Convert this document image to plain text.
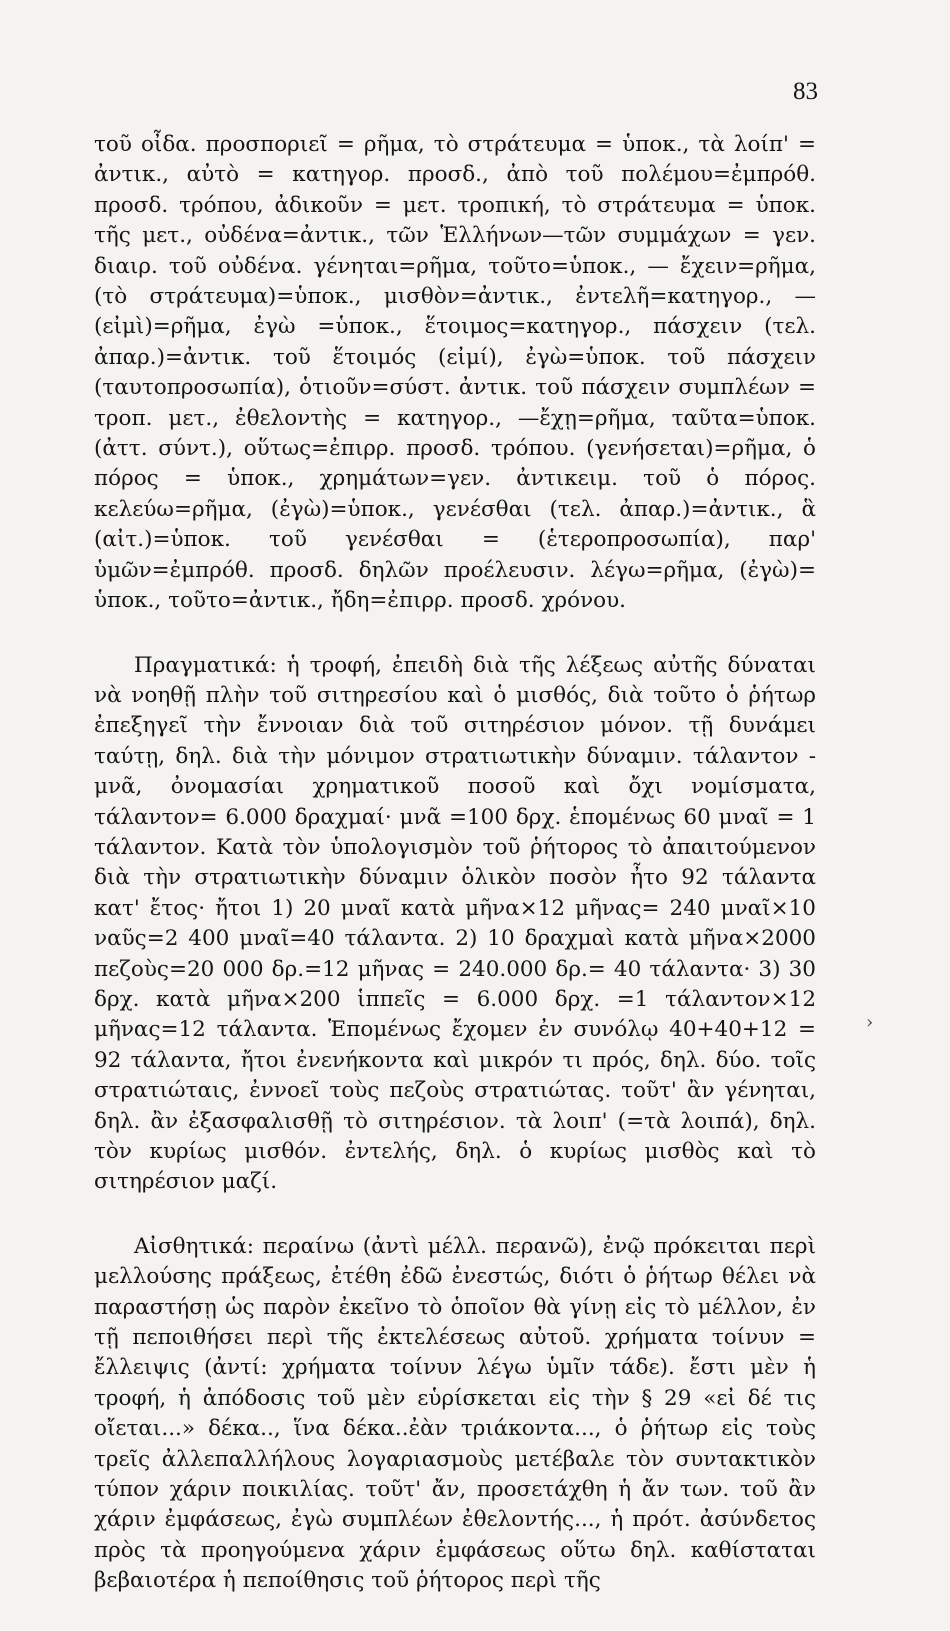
83

τοῦ οἶδα. προσποριεῖ = ρῆμα, τὸ στράτευμα = ὑποκ., τὰ λοίπ' = ἀντικ., αὐτὸ = κατηγορ. προσδ., ἀπὸ τοῦ πολέμου=ἐμπρόθ. προσδ. τρόπου, ἀδικοῦν = μετ. τροπική, τὸ στράτευμα = ὑποκ. τῆς μετ., οὐδένα=ἀντικ., τῶν Ἑλλήνων—τῶν συμμάχων = γεν. διαιρ. τοῦ οὐδένα. γένηται=ρῆμα, τοῦτο=ὑποκ., — ἔχειν=ρῆμα, (τὸ στράτευμα)=ὑποκ., μισθὸν=ἀντικ., ἐντελῆ=κατηγορ., —(εἰμὶ)=ρῆμα, ἐγὼ =ὑποκ., ἕτοιμος=κατηγορ., πάσχειν (τελ. ἀπαρ.)=ἀντικ. τοῦ ἕτοιμός (εἰμί), ἐγὼ=ὑποκ. τοῦ πάσχειν (ταυτοπροσωπία), ὁτιοῦν=σύστ. ἀντικ. τοῦ πάσχειν συμπλέων = τροπ. μετ., ἐθελοντὴς = κατηγορ., —ἔχῃ=ρῆμα, ταῦτα=ὑποκ. (ἀττ. σύντ.), οὕτως=ἐπιρρ. προσδ. τρόπου. (γενήσεται)=ρῆμα, ὁ πόρος = ὑποκ., χρημάτων=γεν. ἀντικειμ. τοῦ ὁ πόρος. κελεύω=ρῆμα, (ἐγὼ)=ὑποκ., γενέσθαι (τελ. ἀπαρ.)=ἀντικ., ἃ (αἰτ.)=ὑποκ. τοῦ γενέσθαι = (ἑτεροπροσωπία), παρ' ὑμῶν=ἐμπρόθ. προσδ. δηλῶν προέλευσιν. λέγω=ρῆμα, (ἐγὼ)= ὑποκ., τοῦτο=ἀντικ., ἤδη=ἐπιρρ. προσδ. χρόνου.

Πραγματικά: ἡ τροφή, ἐπειδὴ διὰ τῆς λέξεως αὐτῆς δύναται νὰ νοηθῇ πλὴν τοῦ σιτηρεσίου καὶ ὁ μισθός, διὰ τοῦτο ὁ ῥήτωρ ἐπεξηγεῖ τὴν ἔννοιαν διὰ τοῦ σιτηρέσιον μόνον. τῇ δυνάμει ταύτῃ, δηλ. διὰ τὴν μόνιμον στρατιωτικὴν δύναμιν. τάλαντον - μνᾶ, ὀνομασίαι χρηματικοῦ ποσοῦ καὶ ὄχι νομίσματα, τάλαντον= 6.000 δραχμαί· μνᾶ =100 δρχ. ἑπομένως 60 μναῖ = 1 τάλαντον. Κατὰ τὸν ὑπολογισμὸν τοῦ ῥήτορος τὸ ἀπαιτούμενον διὰ τὴν στρατιωτικὴν δύναμιν ὁλικὸν ποσὸν ἦτο 92 τάλαντα κατ' ἔτος· ἤτοι 1) 20 μναῖ κατὰ μῆνα×12 μῆνας= 240 μναῖ×10 ναῦς=2 400 μναῖ=40 τάλαντα. 2) 10 δραχμαὶ κατὰ μῆνα×2000 πεζοὺς=20 000 δρ.=12 μῆνας = 240.000 δρ.= 40 τάλαντα· 3) 30 δρχ. κατὰ μῆνα×200 ἱππεῖς = 6.000 δρχ. =1 τάλαντον×12 μῆνας=12 τάλαντα. Ἑπομένως ἔχομεν ἐν συνόλῳ 40+40+12 = 92 τάλαντα, ἤτοι ἐνενήκοντα καὶ μικρόν τι πρός, δηλ. δύο. τοῖς στρατιώταις, ἐννοεῖ τοὺς πεζοὺς στρατιώτας. τοῦτ' ἂν γένηται, δηλ. ἂν ἐξασφαλισθῇ τὸ σιτηρέσιον. τὰ λοιπ' (=τὰ λοιπά), δηλ. τὸν κυρίως μισθόν. ἐντελής, δηλ. ὁ κυρίως μισθὸς καὶ τὸ σιτηρέσιον μαζί.

Αἰσθητικά: περαίνω (ἀντὶ μέλλ. περανῶ), ἐνῷ πρόκειται περὶ μελλούσης πράξεως, ἐτέθη ἐδῶ ἐνεστώς, διότι ὁ ῥήτωρ θέλει νὰ παραστήσῃ ὡς παρὸν ἐκεῖνο τὸ ὁποῖον θὰ γίνῃ εἰς τὸ μέλλον, ἐν τῇ πεποιθήσει περὶ τῆς ἐκτελέσεως αὐτοῦ. χρήματα τοίνυν = ἔλλειψις (ἀντί: χρήματα τοίνυν λέγω ὑμῖν τάδε). ἔστι μὲν ἡ τροφή, ἡ ἀπόδοσις τοῦ μὲν εὑρίσκεται εἰς τὴν § 29 «εἰ δέ τις οἴεται...» δέκα.., ἵνα δέκα..ἐὰν τριάκοντα..., ὁ ῥήτωρ εἰς τοὺς τρεῖς ἀλλεπαλλήλους λογαριασμοὺς μετέβαλε τὸν συντακτικὸν τύπον χάριν ποικιλίας. τοῦτ' ἄν, προσετάχθη ἡ ἄν των. τοῦ ἂν χάριν ἐμφάσεως, ἐγὼ συμπλέων ἐθελοντής..., ἡ πρότ. ἀσύνδετος πρὸς τὰ προηγούμενα χάριν ἐμφάσεως οὕτω δηλ. καθίσταται βεβαιοτέρα ἡ πεποίθησις τοῦ ῥήτορος περὶ τῆς

›
